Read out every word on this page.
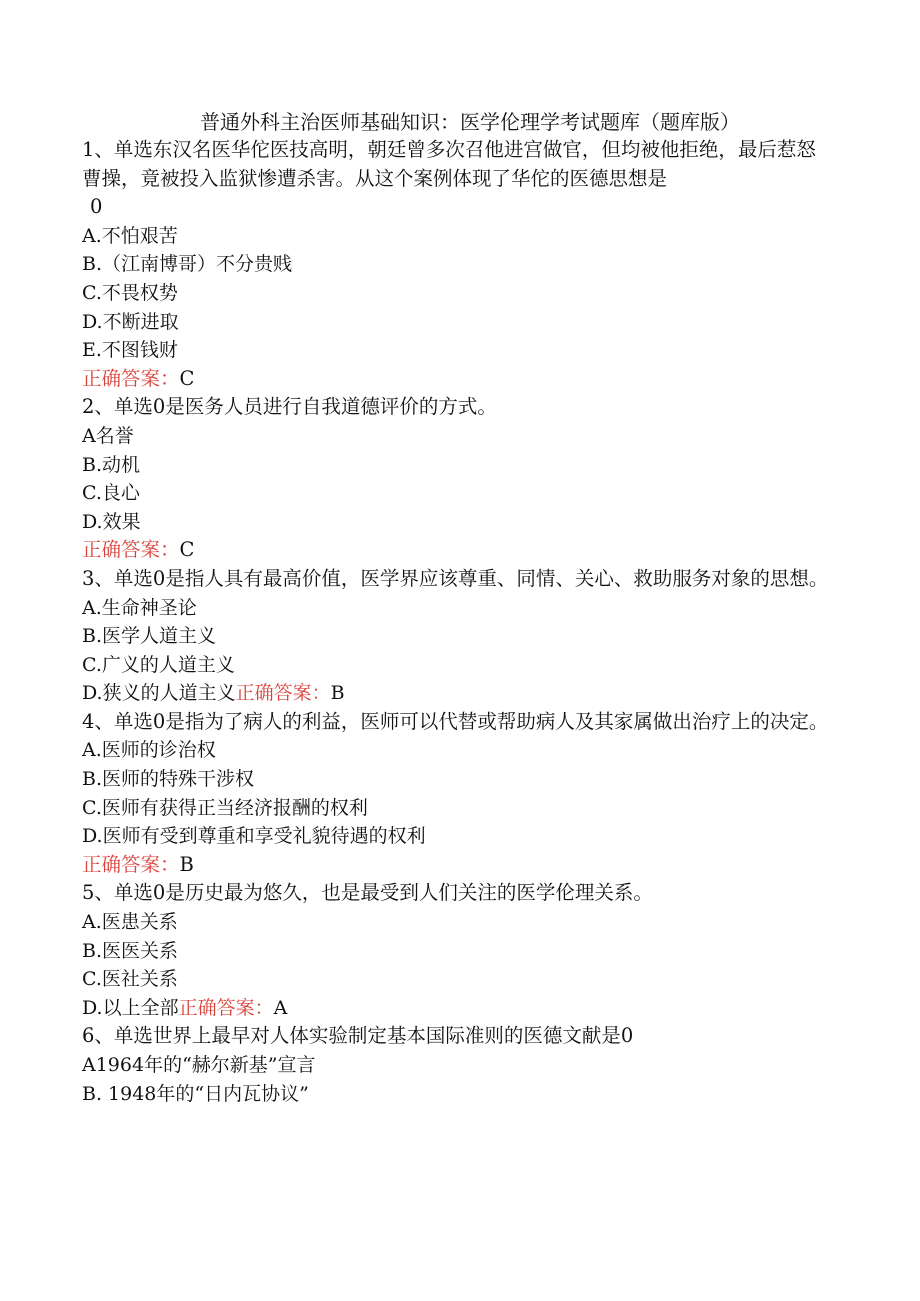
普通外科主治医师基础知识：医学伦理学考试题库（题库版）
1、单选东汉名医华佗医技高明，朝廷曾多次召他进宫做官，但均被他拒绝，最后惹怒曹操，竟被投入监狱惨遭杀害。从这个案例体现了华佗的医德思想是
0
A.不怕艰苦
B.（江南博哥）不分贵贱
C.不畏权势
D.不断进取
E.不图钱财
正确答案：C
2、单选0是医务人员进行自我道德评价的方式。
A名誉
B.动机
C.良心
D.效果
正确答案：C
3、单选0是指人具有最高价值，医学界应该尊重、同情、关心、救助服务对象的思想。
A.生命神圣论
B.医学人道主义
C.广义的人道主义
D.狭义的人道主义正确答案：B
4、单选0是指为了病人的利益，医师可以代替或帮助病人及其家属做出治疗上的决定。
A.医师的诊治权
B.医师的特殊干涉权
C.医师有获得正当经济报酬的权利
D.医师有受到尊重和享受礼貌待遇的权利
正确答案：B
5、单选0是历史最为悠久，也是最受到人们关注的医学伦理关系。
A.医患关系
B.医医关系
C.医社关系
D.以上全部正确答案：A
6、单选世界上最早对人体实验制定基本国际准则的医德文献是0
A1964年的“赫尔新基”宣言
B. 1948年的“日内瓦协议”
